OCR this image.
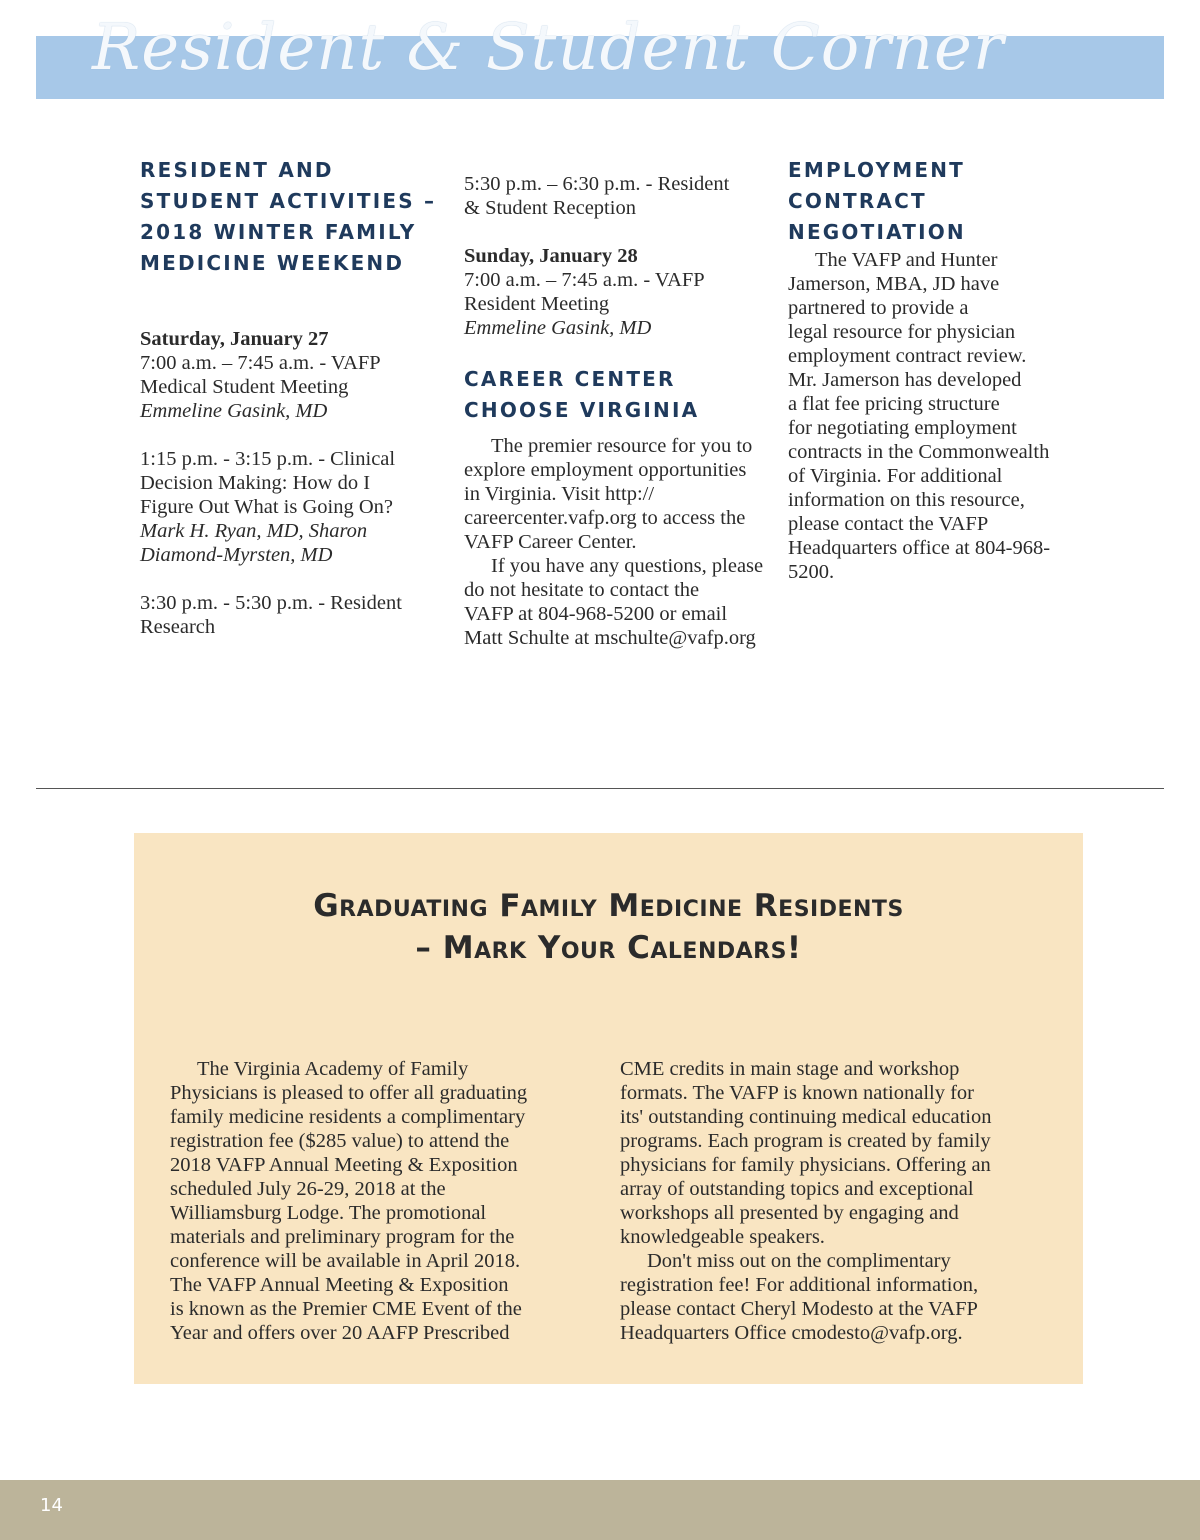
Resident & Student Corner
RESIDENT AND
STUDENT ACTIVITIES –
2018 WINTER FAMILY
MEDICINE WEEKEND

Saturday, January 27

7:00 a.m. – 7:45 a.m. - VAFP

Medical Student Meeting

Emmeline Gasink, MD

1:15 p.m. - 3:15 p.m. - Clinical

Decision Making: How do I

Figure Out What is Going On?

Mark H. Ryan, MD, Sharon

Diamond-Myrsten, MD

3:30 p.m. - 5:30 p.m. - Resident

Research

5:30 p.m. – 6:30 p.m. - Resident

& Student Reception

Sunday, January 28

7:00 a.m. – 7:45 a.m. - VAFP

Resident Meeting

Emmeline Gasink, MD

CAREER CENTER
CHOOSE VIRGINIA

The premier resource for you to

explore employment opportunities

in Virginia. Visit http://

careercenter.vafp.org to access the

VAFP Career Center.

If you have any questions, please

do not hesitate to contact the

VAFP at 804-968-5200 or email

Matt Schulte at mschulte@vafp.org

EMPLOYMENT
CONTRACT
NEGOTIATION

The VAFP and Hunter

Jamerson, MBA, JD have

partnered to provide a

legal resource for physician

employment contract review.

Mr. Jamerson has developed

a flat fee pricing structure

for negotiating employment

contracts in the Commonwealth

of Virginia. For additional

information on this resource,

please contact the VAFP

Headquarters office at 804-968-

5200.

Graduating Family Medicine Residents
– Mark Your Calendars!
The Virginia Academy of Family
Physicians is pleased to offer all graduating
family medicine residents a complimentary
registration fee ($285 value) to attend the
2018 VAFP Annual Meeting & Exposition
scheduled July 26-29, 2018 at the
Williamsburg Lodge. The promotional
materials and preliminary program for the
conference will be available in April 2018.
The VAFP Annual Meeting & Exposition
is known as the Premier CME Event of the
Year and offers over 20 AAFP Prescribed
CME credits in main stage and workshop
formats. The VAFP is known nationally for
its' outstanding continuing medical education
programs. Each program is created by family
physicians for family physicians. Offering an
array of outstanding topics and exceptional
workshops all presented by engaging and
knowledgeable speakers.
Don't miss out on the complimentary
registration fee! For additional information,
please contact Cheryl Modesto at the VAFP
Headquarters Office cmodesto@vafp.org.
14
